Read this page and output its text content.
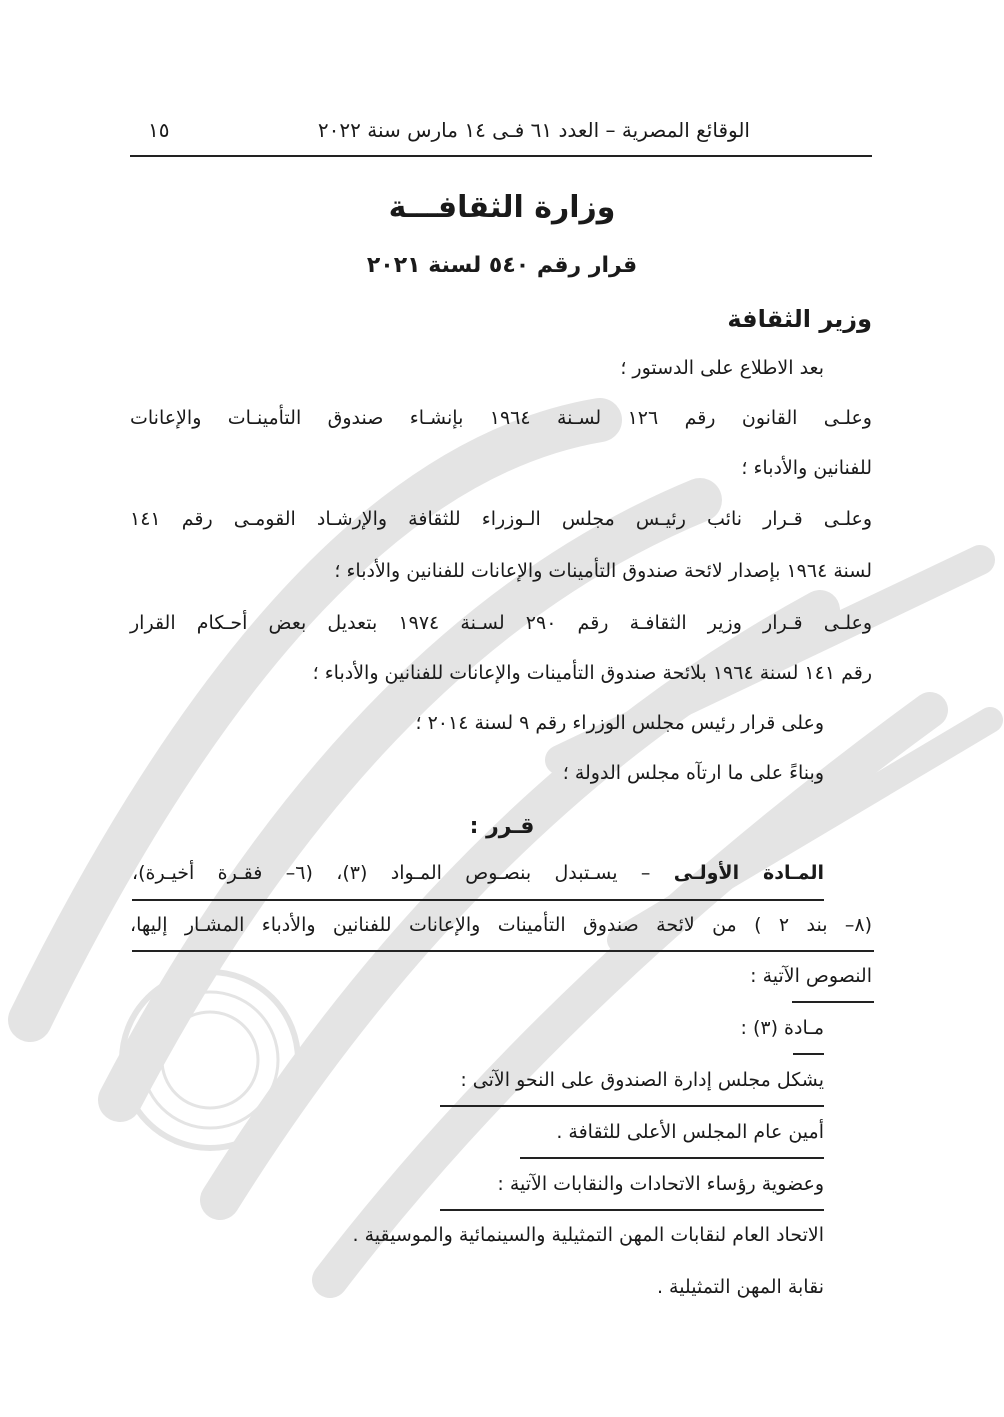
الوقائع المصرية – العدد ٦١ فـى ١٤ مارس سنة ٢٠٢٢
١٥
وزارة الثقافـــة
قرار رقم ٥٤٠ لسنة ٢٠٢١
وزير الثقافة
بعد الاطلاع على الدستور ؛
وعلـى القانون رقم ١٢٦ لسـنة ١٩٦٤ بإنشـاء صندوق التأمينـات والإعانات
للفنانين والأدباء ؛
وعلـى قـرار نائب رئيـس مجلس الـوزراء للثقافة والإرشـاد القومـى رقم ١٤١
لسنة ١٩٦٤ بإصدار لائحة صندوق التأمينات والإعانات للفنانين والأدباء ؛
وعلـى قـرار وزير الثقافـة رقم ٢٩٠ لسـنة ١٩٧٤ بتعديل بعض أحـكام القرار
رقم ١٤١ لسنة ١٩٦٤ بلائحة صندوق التأمينات والإعانات للفنانين والأدباء ؛
وعلى قرار رئيس مجلس الوزراء رقم ٩ لسنة ٢٠١٤ ؛
وبناءً على ما ارتآه مجلس الدولة ؛
قـرر :
المـادة الأولـى – يسـتبدل بنصـوص المـواد (٣)، (٦– فقـرة أخيـرة)،
(٨– بند ٢ ) من لائحة صندوق التأمينات والإعانات للفنانين والأدباء المشـار إليها،
النصوص الآتية :
مـادة (٣) :
يشكل مجلس إدارة الصندوق على النحو الآتى :
أمين عام المجلس الأعلى للثقافة .
وعضوية رؤساء الاتحادات والنقابات الآتية :
الاتحاد العام لنقابات المهن التمثيلية والسينمائية والموسيقية .
نقابة المهن التمثيلية .
